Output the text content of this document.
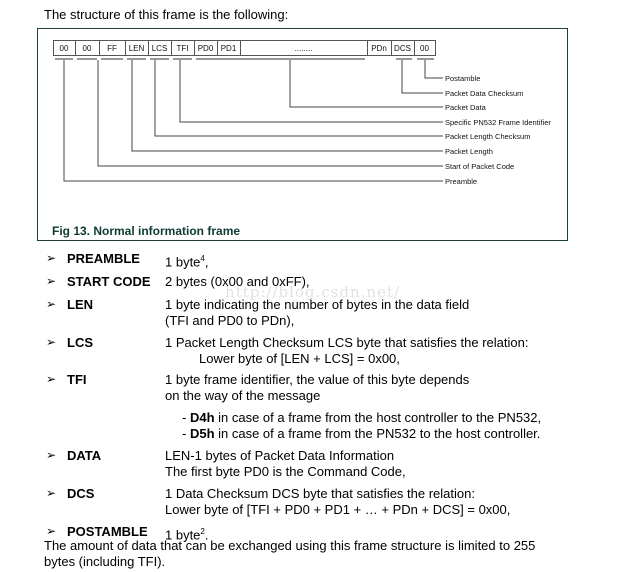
The structure of this frame is the following:
00 00 FF LEN LCS TFI PD0 PD1	........	PDn DCS 00
Postamble
Packet Data Checksum
Packet Data
Specific PN532 Frame Identifier
Packet Length Checksum
Packet Length
Start of Packet Code
Preamble
Fig 13. Normal information frame
http://blog.csdn.net/
➢ PREAMBLE 1 byte$^4$,
➢ START CODE 2 bytes (0x00 and 0xFF),
➢ LEN	1 byte indicating the number of bytes in the data field
(TFI and PD0 to PDn),
➢ LCS	1 Packet Length Checksum LCS byte that satisfies the relation:
Lower byte of [LEN + LCS] = 0x00,
➢ TFI	1 byte frame identifier, the value of this byte depends
on the way of the message
- D4h in case of a frame from the host controller to the PN532,
- D5h in case of a frame from the PN532 to the host controller.
➢ DATA	LEN-1 bytes of Packet Data Information
The first byte PD0 is the Command Code,
➢ DCS	1 Data Checksum DCS byte that satisfies the relation:
Lower byte of [TFI + PD0 + PD1 + … + PDn + DCS] = 0x00,
➢ POSTAMBLE 1 byte$^2$.
The amount of data that can be exchanged using this frame structure is limited to 255
bytes (including TFI).
